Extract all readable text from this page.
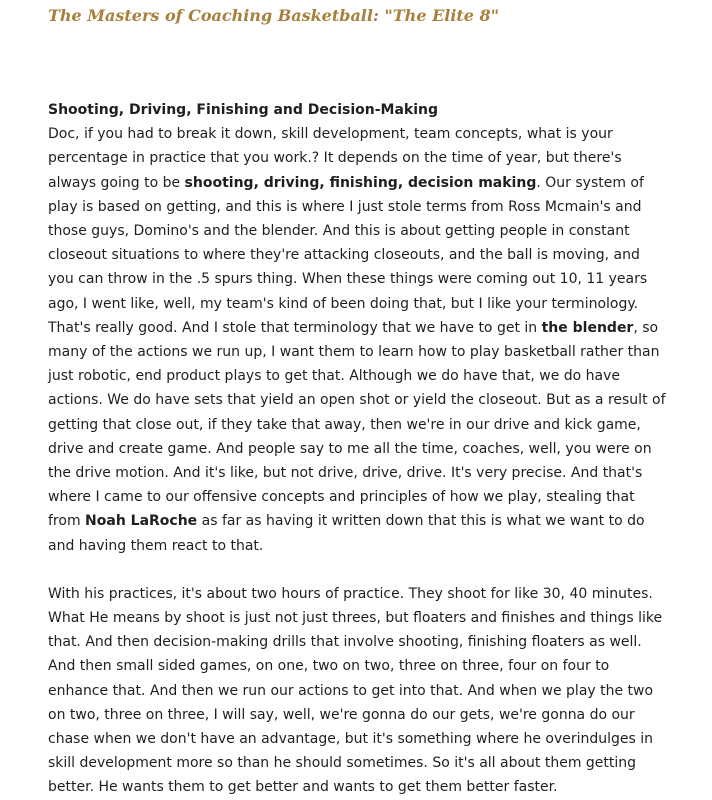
The Masters of Coaching Basketball: "The Elite 8"

Shooting, Driving, Finishing and Decision-Making

Doc, if you had to break it down, skill development, team concepts, what is your percentage in practice that you work.? It depends on the time of year, but there's always going to be shooting, driving, finishing, decision making. Our system of play is based on getting, and this is where I just stole terms from Ross Mcmain's and those guys, Domino's and the blender. And this is about getting people in constant closeout situations to where they're attacking closeouts, and the ball is moving, and you can throw in the .5 spurs thing. When these things were coming out 10, 11 years ago, I went like, well, my team's kind of been doing that, but I like your terminology. That's really good. And I stole that terminology that we have to get in the blender, so many of the actions we run up, I want them to learn how to play basketball rather than just robotic, end product plays to get that. Although we do have that, we do have actions. We do have sets that yield an open shot or yield the closeout. But as a result of getting that close out, if they take that away, then we're in our drive and kick game, drive and create game. And people say to me all the time, coaches, well, you were on the drive motion. And it's like, but not drive, drive, drive. It's very precise. And that's where I came to our offensive concepts and principles of how we play, stealing that from Noah LaRoche as far as having it written down that this is what we want to do and having them react to that.

With his practices, it's about two hours of practice. They shoot for like 30, 40 minutes. What He means by shoot is just not just threes, but floaters and finishes and things like that. And then decision-making drills that involve shooting, finishing floaters as well. And then small sided games, on one, two on two, three on three, four on four to enhance that. And then we run our actions to get into that. And when we play the two on two, three on three, I will say, well, we're gonna do our gets, we're gonna do our chase when we don't have an advantage, but it's something where he overindulges in skill development more so than he should sometimes. So it's all about them getting better. He wants them to get better and wants to get them better faster.
